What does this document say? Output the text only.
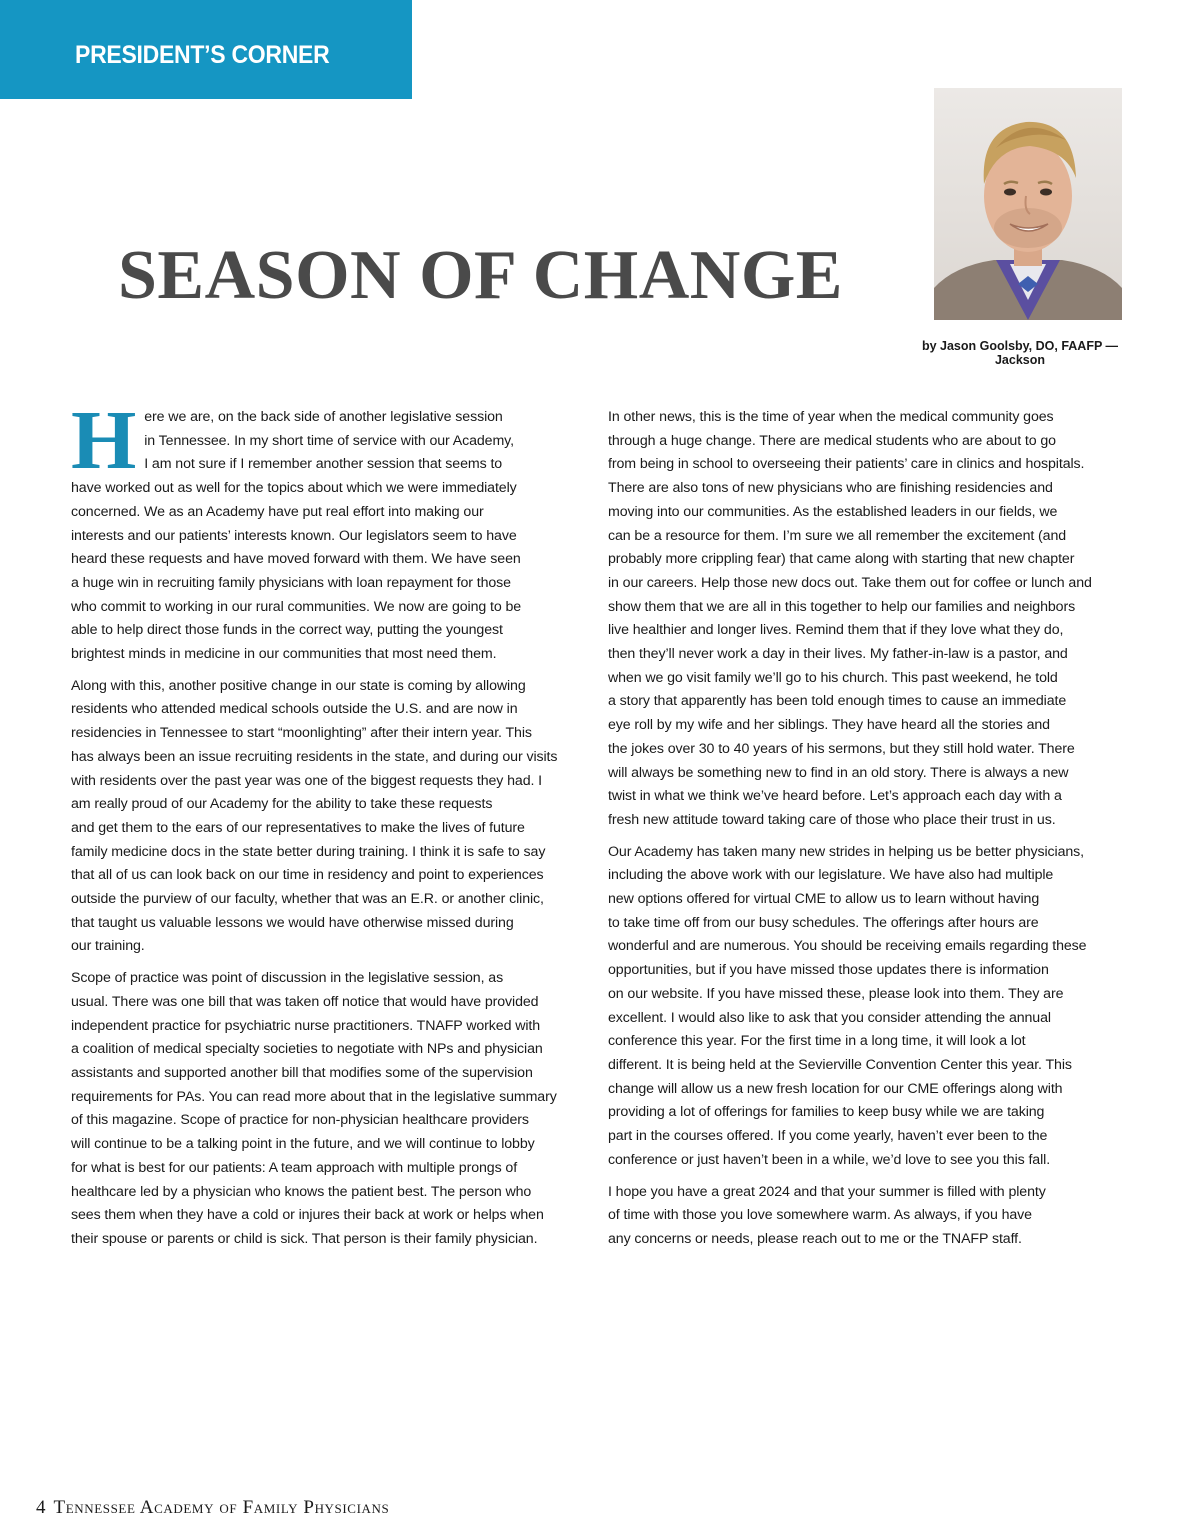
PRESIDENT’S CORNER
SEASON OF CHANGE
by Jason Goolsby, DO, FAAFP — Jackson

H ere we are, on the back side of another legislative session
in Tennessee. In my short time of service with our Academy,
I am not sure if I remember another session that seems to
have worked out as well for the topics about which we were immediately
concerned. We as an Academy have put real effort into making our
interests and our patients’ interests known. Our legislators seem to have
heard these requests and have moved forward with them. We have seen
a huge win in recruiting family physicians with loan repayment for those
who commit to working in our rural communities. We now are going to be
able to help direct those funds in the correct way, putting the youngest
brightest minds in medicine in our communities that most need them.

Along with this, another positive change in our state is coming by allowing
residents who attended medical schools outside the U.S. and are now in
residencies in Tennessee to start “moonlighting” after their intern year. This
has always been an issue recruiting residents in the state, and during our visits
with residents over the past year was one of the biggest requests they had. I
am really proud of our Academy for the ability to take these requests
and get them to the ears of our representatives to make the lives of future
family medicine docs in the state better during training. I think it is safe to say
that all of us can look back on our time in residency and point to experiences
outside the purview of our faculty, whether that was an E.R. or another clinic,
that taught us valuable lessons we would have otherwise missed during
our training.

Scope of practice was point of discussion in the legislative session, as
usual. There was one bill that was taken off notice that would have provided
independent practice for psychiatric nurse practitioners. TNAFP worked with
a coalition of medical specialty societies to negotiate with NPs and physician
assistants and supported another bill that modifies some of the supervision
requirements for PAs. You can read more about that in the legislative summary
of this magazine. Scope of practice for non-physician healthcare providers
will continue to be a talking point in the future, and we will continue to lobby
for what is best for our patients: A team approach with multiple prongs of
healthcare led by a physician who knows the patient best. The person who
sees them when they have a cold or injures their back at work or helps when
their spouse or parents or child is sick. That person is their family physician.

In other news, this is the time of year when the medical community goes
through a huge change. There are medical students who are about to go
from being in school to overseeing their patients’ care in clinics and hospitals.
There are also tons of new physicians who are finishing residencies and
moving into our communities. As the established leaders in our fields, we
can be a resource for them. I’m sure we all remember the excitement (and
probably more crippling fear) that came along with starting that new chapter
in our careers. Help those new docs out. Take them out for coffee or lunch and
show them that we are all in this together to help our families and neighbors
live healthier and longer lives. Remind them that if they love what they do,
then they’ll never work a day in their lives. My father-in-law is a pastor, and
when we go visit family we’ll go to his church. This past weekend, he told
a story that apparently has been told enough times to cause an immediate
eye roll by my wife and her siblings. They have heard all the stories and
the jokes over 30 to 40 years of his sermons, but they still hold water. There
will always be something new to find in an old story. There is always a new
twist in what we think we’ve heard before. Let’s approach each day with a
fresh new attitude toward taking care of those who place their trust in us.

Our Academy has taken many new strides in helping us be better physicians,
including the above work with our legislature. We have also had multiple
new options offered for virtual CME to allow us to learn without having
to take time off from our busy schedules. The offerings after hours are
wonderful and are numerous. You should be receiving emails regarding these
opportunities, but if you have missed those updates there is information
on our website. If you have missed these, please look into them. They are
excellent. I would also like to ask that you consider attending the annual
conference this year. For the first time in a long time, it will look a lot
different. It is being held at the Sevierville Convention Center this year. This
change will allow us a new fresh location for our CME offerings along with
providing a lot of offerings for families to keep busy while we are taking
part in the courses offered. If you come yearly, haven’t ever been to the
conference or just haven’t been in a while, we’d love to see you this fall.

I hope you have a great 2024 and that your summer is filled with plenty
of time with those you love somewhere warm. As always, if you have
any concerns or needs, please reach out to me or the TNAFP staff.

4 Tennessee Academy of Family Physicians
